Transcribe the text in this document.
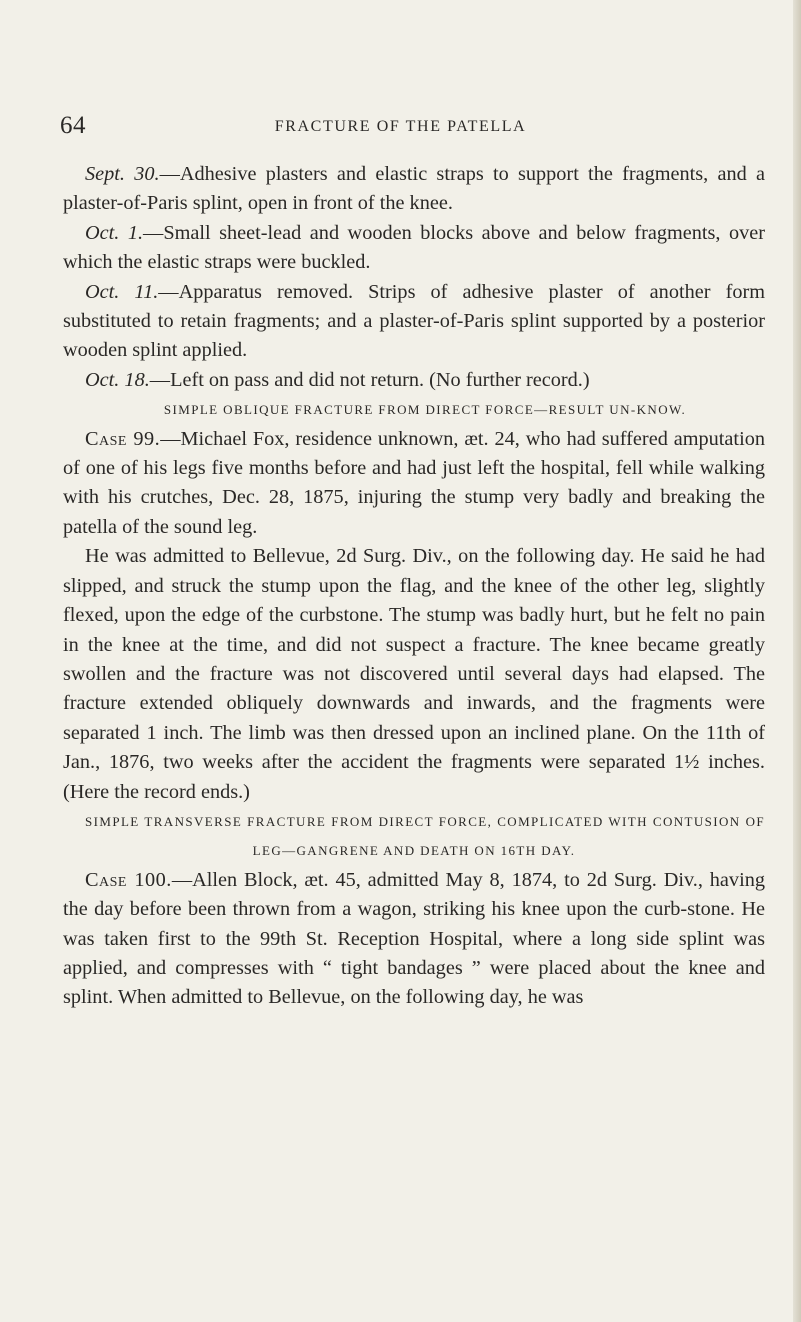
64	FRACTURE OF THE PATELLA

Sept. 30.—Adhesive plasters and elastic straps to support the fragments, and a plaster-of-Paris splint, open in front of the knee.

Oct. 1.—Small sheet-lead and wooden blocks above and below fragments, over which the elastic straps were buckled.

Oct. 11.—Apparatus removed. Strips of adhesive plaster of another form substituted to retain fragments; and a plaster-of-Paris splint supported by a posterior wooden splint applied.

Oct. 18.—Left on pass and did not return. (No further record.)

SIMPLE OBLIQUE FRACTURE FROM DIRECT FORCE—RESULT UN-KNOW.

Case 99.—Michael Fox, residence unknown, æt. 24, who had suffered amputation of one of his legs five months before and had just left the hospital, fell while walking with his crutches, Dec. 28, 1875, injuring the stump very badly and breaking the patella of the sound leg.

He was admitted to Bellevue, 2d Surg. Div., on the following day. He said he had slipped, and struck the stump upon the flag, and the knee of the other leg, slightly flexed, upon the edge of the curbstone. The stump was badly hurt, but he felt no pain in the knee at the time, and did not suspect a fracture. The knee became greatly swollen and the fracture was not discovered until several days had elapsed. The fracture extended obliquely downwards and inwards, and the fragments were separated 1 inch. The limb was then dressed upon an inclined plane. On the 11th of Jan., 1876, two weeks after the accident the fragments were separated 1½ inches. (Here the record ends.)

SIMPLE TRANSVERSE FRACTURE FROM DIRECT FORCE, COMPLICATED WITH CONTUSION OF LEG—GANGRENE AND DEATH ON 16TH DAY.

Case 100.—Allen Block, æt. 45, admitted May 8, 1874, to 2d Surg. Div., having the day before been thrown from a wagon, striking his knee upon the curb-stone. He was taken first to the 99th St. Reception Hospital, where a long side splint was applied, and compresses with “ tight bandages ” were placed about the knee and splint. When admitted to Bellevue, on the following day, he was
